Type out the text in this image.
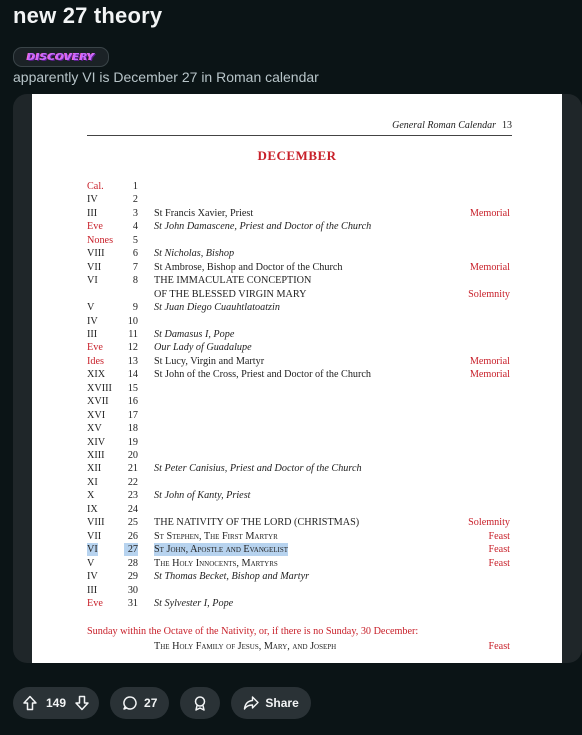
new 27 theory
DISCOVERY
apparently VI is December 27 in Roman calendar
General Roman Calendar 13
DECEMBER
Cal.	1
IV	2
III	3 St Francis Xavier, Priest	Memorial
Eve	4 St John Damascene, Priest and Doctor of the Church
Nones	5
VIII	6 St Nicholas, Bishop
VII	7 St Ambrose, Bishop and Doctor of the Church	Memorial
VI	8 THE IMMACULATE CONCEPTION
OF THE BLESSED VIRGIN MARY	Solemnity
V	9 St Juan Diego Cuauhtlatoatzin
IV	10
III	11 St Damasus I, Pope
Eve	12 Our Lady of Guadalupe
Ides	13 St Lucy, Virgin and Martyr	Memorial
XIX	14 St John of the Cross, Priest and Doctor of the Church	Memorial
XVIII	15
XVII	16
XVI	17
XV	18
XIV	19
XIII	20
XII	21 St Peter Canisius, Priest and Doctor of the Church
XI	22
X	23 St John of Kanty, Priest
IX	24
VIII	25 THE NATIVITY OF THE LORD (CHRISTMAS)	Solemnity
VII	26 St Stephen, The First Martyr	Feast
VI	27 St John, Apostle and Evangelist	Feast
V	28 The Holy Innocents, Martyrs	Feast
IV	29 St Thomas Becket, Bishop and Martyr
III	30
Eve	31 St Sylvester I, Pope
Sunday within the Octave of the Nativity, or, if there is no Sunday, 30 December:
The Holy Family of Jesus, Mary, and Joseph	Feast
149	27	Share
